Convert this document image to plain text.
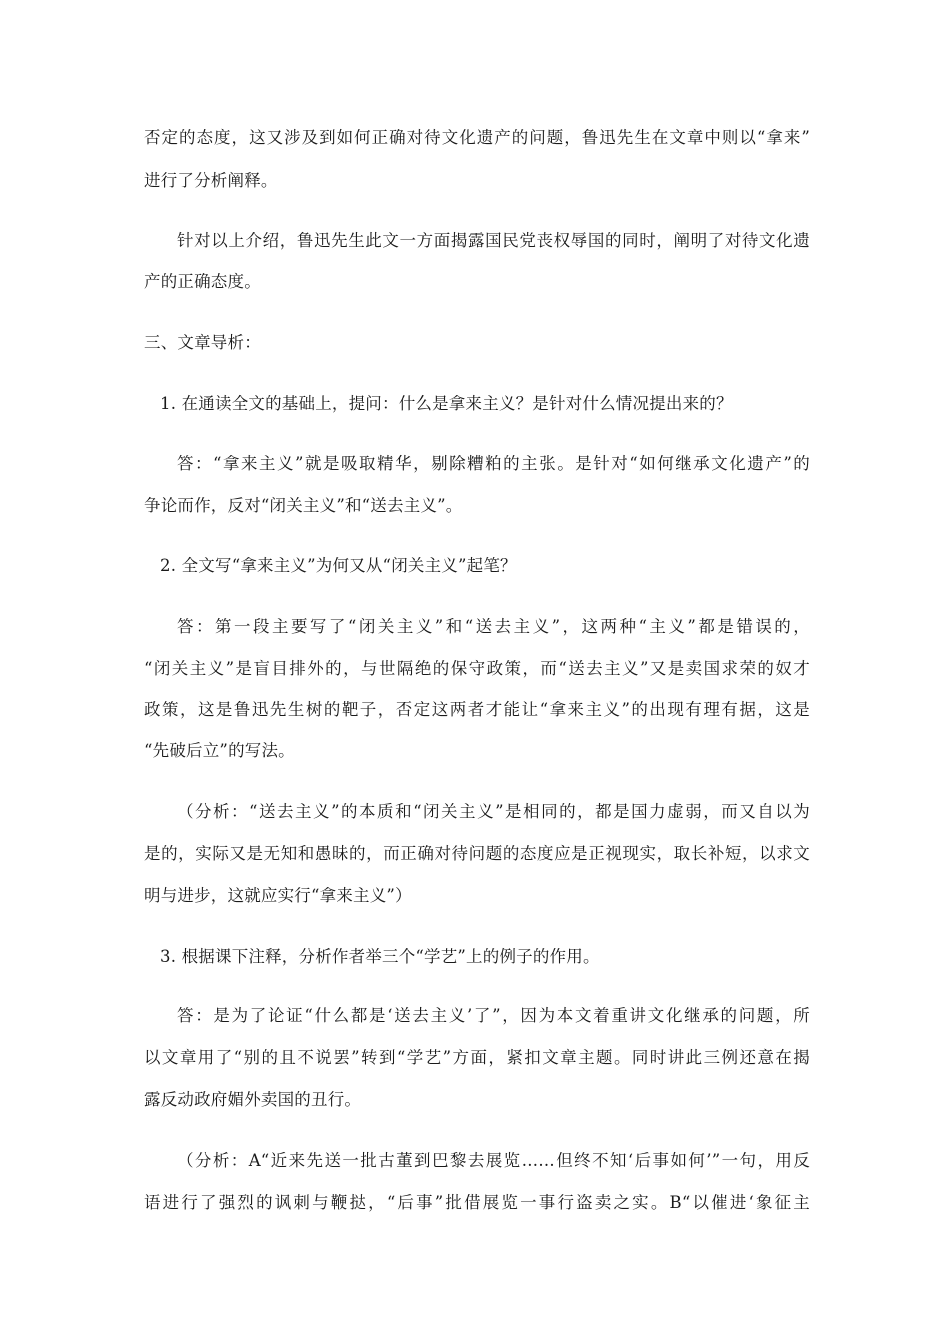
否定的态度，这又涉及到如何正确对待文化遗产的问题，鲁迅先生在文章中则以“拿来”
进行了分析阐释。
针对以上介绍，鲁迅先生此文一方面揭露国民党丧权辱国的同时，阐明了对待文化遗
产的正确态度。
三、文章导析：
1. 在通读全文的基础上，提问：什么是拿来主义？是针对什么情况提出来的？
答：“拿来主义”就是吸取精华，剔除糟粕的主张。是针对“如何继承文化遗产”的
争论而作，反对“闭关主义”和“送去主义”。
2. 全文写“拿来主义”为何又从“闭关主义”起笔？
答：第一段主要写了“闭关主义”和“送去主义”，这两种“主义”都是错误的，
“闭关主义”是盲目排外的，与世隔绝的保守政策，而“送去主义”又是卖国求荣的奴才
政策，这是鲁迅先生树的靶子，否定这两者才能让“拿来主义”的出现有理有据，这是
“先破后立”的写法。
（分析：“送去主义”的本质和“闭关主义”是相同的，都是国力虚弱，而又自以为
是的，实际又是无知和愚昧的，而正确对待问题的态度应是正视现实，取长补短，以求文
明与进步，这就应实行“拿来主义”）
3. 根据课下注释，分析作者举三个“学艺”上的例子的作用。
答：是为了论证“什么都是‘送去主义’了”，因为本文着重讲文化继承的问题，所
以文章用了“别的且不说罢”转到“学艺”方面，紧扣文章主题。同时讲此三例还意在揭
露反动政府媚外卖国的丑行。
（分析：A“近来先送一批古董到巴黎去展览……但终不知‘后事如何’”一句，用反
语进行了强烈的讽刺与鞭挞，“后事”批借展览一事行盗卖之实。B“以催进‘象征主
